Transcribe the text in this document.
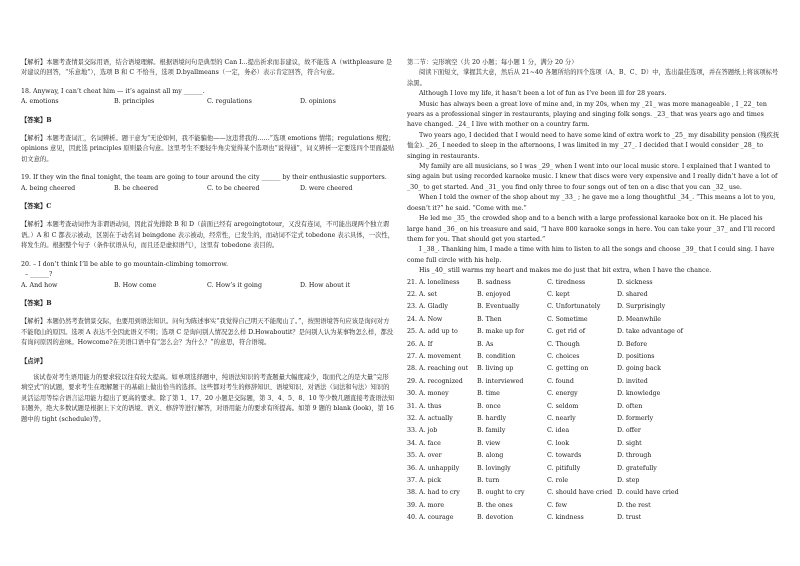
【解析】本题考查情景交际用语，结合语境理解。根据语境问句是典型的 Can I...提出祈求而非建议，故不能选 A（withpleasure 是对建议的回答，“乐意地”），选项 B 和 C 不恰当，选项 D.byallmeans（一定，务必）表示肯定回答，符合句意。

18. Anyway, I can’t cheat him — it’s against all my ______.

A. emotions	B. principles	C. regulations	D. opinions

【答案】B

【解析】本题考查词汇，名词辨析。题干意为“无论如何，我不能骗他——这违背我的……”选项 emotions 情绪；regulations 规程；opinions 意见，因此选 principles 原则最合句意。这里考生不要轻牛角尖觉得某个选项也“说得通”，词义辨析一定要选四个里面最贴切文意的。

19. If they win the final tonight, the team are going to tour around the city ______ by their enthusiastic supporters.

A. being cheered	B. be cheered	C. to be cheered	D. were cheered

【答案】C

【解析】本题考查动词作为非谓语动词，因此首先排除 B 和 D（前面已经有 aregoingtotour，又没有连词，不可能出现两个独立谓语。）A 和 C 都表示被动，区别在于动名词 beingdone 表示被动，经常性，已发生的，而动词不定式 tobedone 表示具体，一次性，将发生的。根据整个句子（条件状语从句，而且还是虚拟语气），这里有 tobedone 表目的。

20. – I don’t think I’ll be able to go mountain-climbing tomorrow.

– ______?

A. And how	B. How come	C. How’s it going	D. How about it

【答案】B

【解析】本题仍然考查情景交际，也要用到语法知识。问句为陈述事实“我觉得自己明天不能爬山了。”，按照语境答句应该是询问对方不能爬山的原因。选项 A 表达不全因此语义不明；选项 C 是询问别人情况怎么样 D.Howaboutit？是问别人认为某事物怎么样，都没有询问原因的意味。Howcome?在美语口语中有“怎么会？为什么？”的意思，符合语境。

【点评】

该试卷对考生语用能力的要求较以往有较大提高。如单项选择题中，纯语法知识的考查题量大幅度减少，取而代之的是大量“完形填空式”的试题，要求考生在理解题干的基础上做出恰当的选择。这些都对考生的修辞知识、语境知识、对语法（词法和句法）知识的灵活运用等综合语言运用能力提出了更高的要求。除了第 1、17、20 小题是交际题，第 3、4、5、8、10 等少数几题直接考查语法知识题外，绝大多数试题是根据上下文的语境、语义、修辞等进行解答，对语用能力的要求有所提高。如第 9 题的 blank (look)，第 16 题中的 tight (schedule)等。

第二节：完形填空（共 20 小题；每小题 1 分，满分 20 分）

阅读下面短文，掌握其大意，然后从 21~40 各题所给的四个选项（A、B、C、D）中，选出最佳选项，并在答题纸上将该项标号涂黑。

Although I love my life, it hasn’t been a lot of fun as I’ve been ill for 28 years.

Music has always been a great love of mine and, in my 20s, when my _21_ was more manageable , I _22_ ten years as a professional singer in restaurants, playing and singing folk songs. _23_ that was years ago and times have changed. _24_ I live with mother on a country farm.

Two years ago, I decided that I would need to have some kind of extra work to _25_ my disability pension (残疾抚恤金). _26_ I needed to sleep in the afternoons, I was limited in my _27_. I decided that I would consider _28_ to singing in restaurants.

My family are all musicians, so I was _29_ when I went into our local music store. I explained that I wanted to sing again but using recorded karaoke music. I knew that discs were very expensive and I really didn’t have a lot of _30_ to get started. And _31_ you find only three to four songs out of ten on a disc that you can _32_ use.

When I told the owner of the shop about my _33_ ; he gave me a long thoughtful _34_. “This means a lot to you, doesn’t it?” he said. “Come with me.”

He led me _35_ the crowded shop and to a bench with a large professional karaoke box on it. He placed his large hand _36_ on his treasure and said, “I have 800 karaoke songs in here. You can take your _37_ and I’ll record them for you. That should get you started.”

I _38_. Thanking him, I made a time with him to listen to all the songs and choose _39_ that I could sing. I have come full circle with his help.

His _40_ still warms my heart and makes me do just that bit extra, when I have the chance.

21. A. loneliness	B. sadness	C. tiredness	D. sickness
22. A. set	B. enjoyed	C. kept	D. shared
23. A. Gladly	B. Eventually	C. Unfortunately	D. Surprisingly
24. A. Now	B. Then	C. Sometime	D. Meanwhile
25. A. add up to	B. make up for	C. get rid of	D. take advantage of
26. A. If	B. As	C. Though	D. Before
27. A. movement	B. condition	C. choices	D. positions
28. A. reaching out	B. living up	C. getting on	D. going back
29. A. recognized	B. interviewed	C. found	D. invited
30. A. money	B. time	C. energy	D. knowledge
31. A. thus	B. once	C. seldom	D. often
32. A. actually	B. hardly	C. nearly	D. formerly
33. A. job	B. family	C. idea	D. offer
34. A. face	B. view	C. look	D. sight
35. A. over	B. along	C. towards	D. through
36. A. unhappily	B. lovingly	C. pitifully	D. gratefully
37. A. pick	B. turn	C. role	D. step
38. A. had to cry	B. ought to cry	C. should have cried D. could have cried
39. A. more	B. the ones	C. few	D. the rest
40. A. courage	B. devotion	C. kindness	D. trust
